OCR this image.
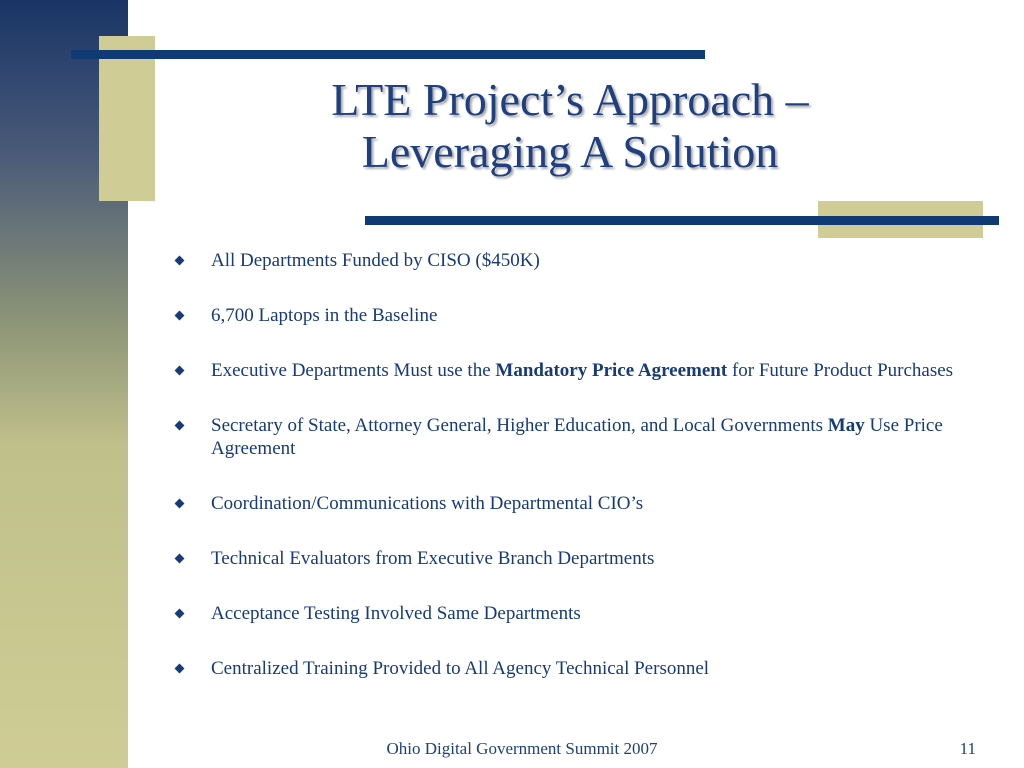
LTE Project’s Approach –
Leveraging A Solution
All Departments Funded by CISO ($450K)
6,700 Laptops in the Baseline
Executive Departments Must use the Mandatory Price Agreement for Future Product Purchases
Secretary of State, Attorney General, Higher Education, and Local Governments May Use Price Agreement
Coordination/Communications with Departmental CIO’s
Technical Evaluators from Executive Branch Departments
Acceptance Testing Involved Same Departments
Centralized Training Provided to All Agency Technical Personnel
Ohio Digital Government Summit 2007	11
